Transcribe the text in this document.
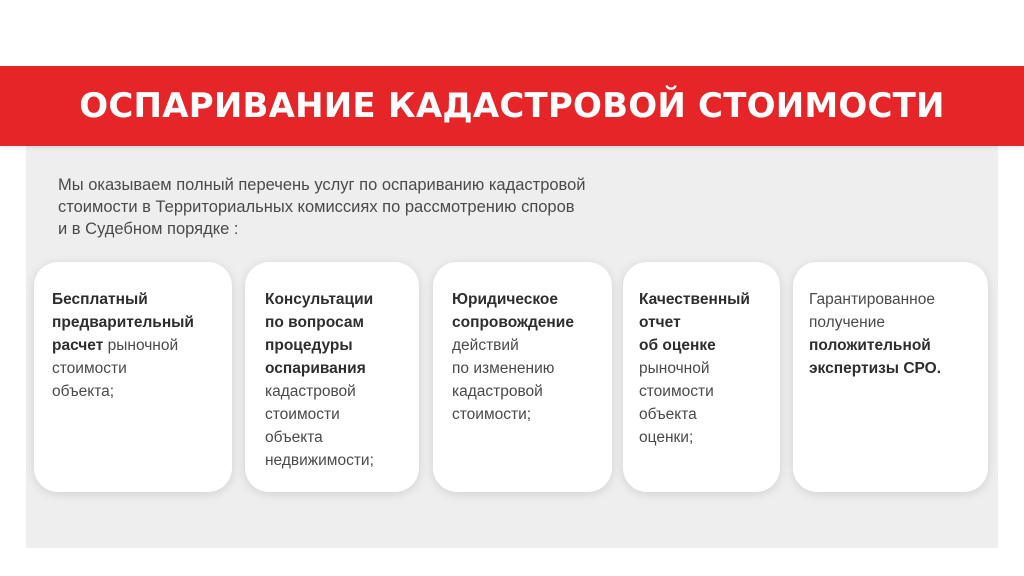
ОСПАРИВАНИЕ КАДАСТРОВОЙ СТОИМОСТИ
Мы оказываем полный перечень услуг по оспариванию кадастровой
стоимости в Территориальных комиссиях по рассмотрению споров
и в Судебном порядке :
Бесплатный
предварительный
расчет рыночной
стоимости
объекта;
Консультации
по вопросам
процедуры
оспаривания
кадастровой
стоимости
объекта
недвижимости;
Юридическое
сопровождение
действий
по изменению
кадастровой
стоимости;
Качественный
отчет
об оценке
рыночной
стоимости
объекта
оценки;
Гарантированное
получение
положительной
экспертизы СРО.
